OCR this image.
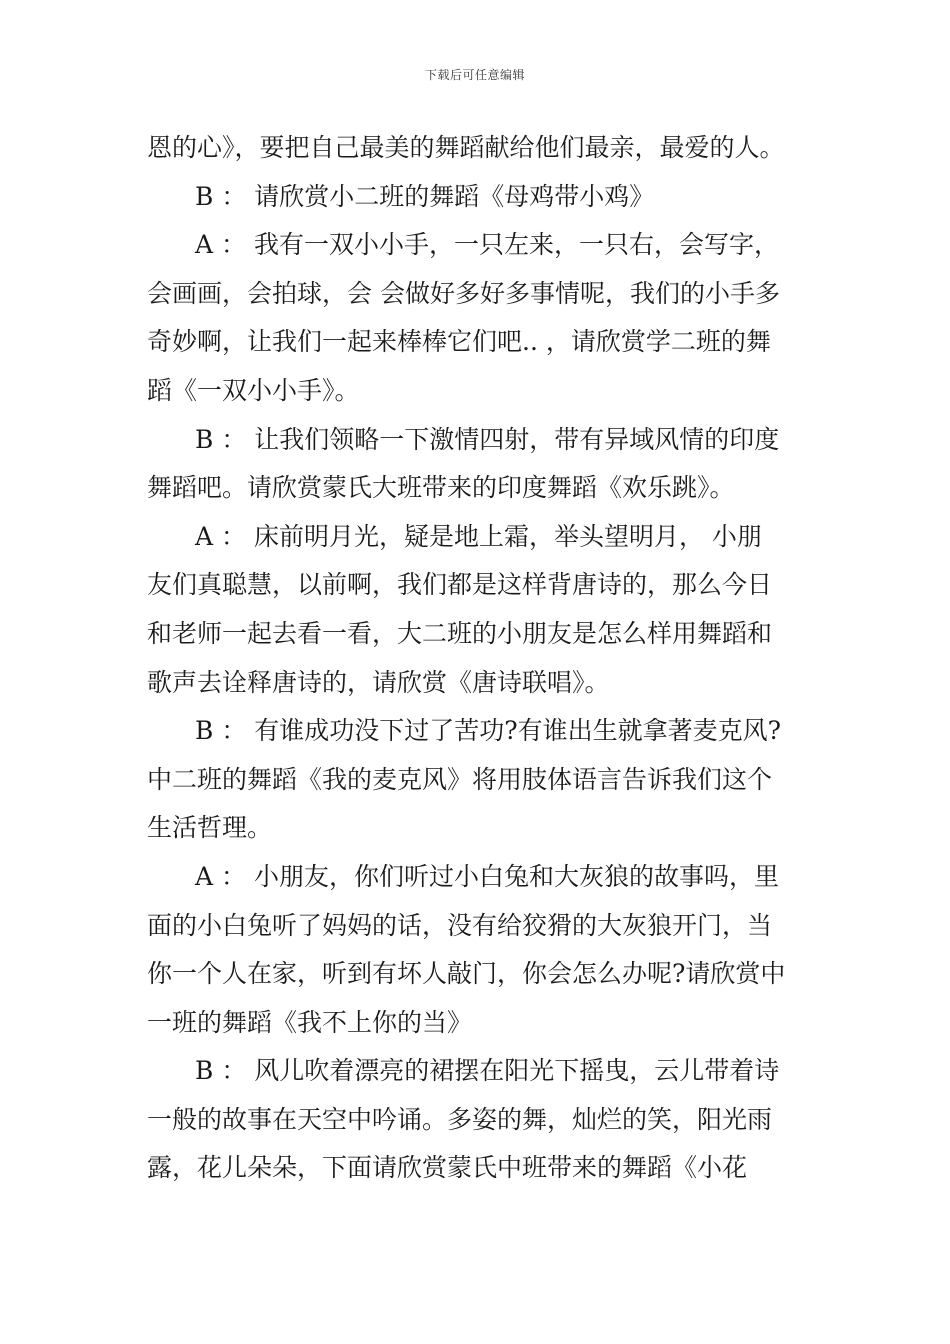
下载后可任意编辑
恩的心》，要把自己最美的舞蹈献给他们最亲，最爱的人。
B ： 请欣赏小二班的舞蹈《母鸡带小鸡》
A ： 我有一双小小手，一只左来，一只右，会写字，
会画画，会拍球，会 会做好多好多事情呢，我们的小手多
奇妙啊，让我们一起来棒棒它们吧.. ，请欣赏学二班的舞
蹈《一双小小手》。
B ： 让我们领略一下激情四射，带有异域风情的印度
舞蹈吧。请欣赏蒙氏大班带来的印度舞蹈《欢乐跳》。
A ： 床前明月光，疑是地上霜，举头望明月， 小朋
友们真聪慧，以前啊，我们都是这样背唐诗的，那么今日
和老师一起去看一看，大二班的小朋友是怎么样用舞蹈和
歌声去诠释唐诗的，请欣赏《唐诗联唱》。
B ： 有谁成功没下过了苦功?有谁出生就拿著麦克风?
中二班的舞蹈《我的麦克风》将用肢体语言告诉我们这个
生活哲理。
A ： 小朋友，你们听过小白兔和大灰狼的故事吗，里
面的小白兔听了妈妈的话，没有给狡猾的大灰狼开门，当
你一个人在家，听到有坏人敲门，你会怎么办呢?请欣赏中
一班的舞蹈《我不上你的当》
B ： 风儿吹着漂亮的裙摆在阳光下摇曳，云儿带着诗
一般的故事在天空中吟诵。多姿的舞，灿烂的笑，阳光雨
露，花儿朵朵，下面请欣赏蒙氏中班带来的舞蹈《小花
